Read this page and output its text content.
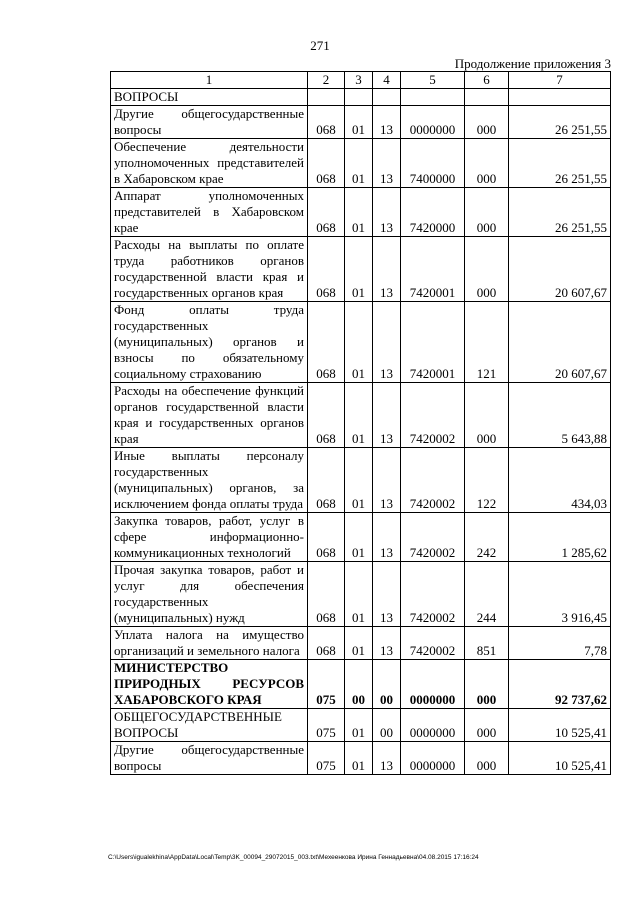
271
Продолжение приложения 3
1	2	3	4	5	6	7
ВОПРОСЫ						
Другие общегосударственные вопросы	068	01	13	0000000	000	26 251,55
Обеспечение деятельности уполномоченных представителей в Хабаровском крае	068	01	13	7400000	000	26 251,55
Аппарат уполномоченных представителей в Хабаровском крае	068	01	13	7420000	000	26 251,55
Расходы на выплаты по оплате труда работников органов государственной власти края и государственных органов края	068	01	13	7420001	000	20 607,67
Фонд оплаты труда государственных (муниципальных) органов и взносы по обязательному социальному страхованию	068	01	13	7420001	121	20 607,67
Расходы на обеспечение функций органов государственной власти края и государственных органов края	068	01	13	7420002	000	5 643,88
Иные выплаты персоналу государственных (муниципальных) органов, за исключением фонда оплаты труда	068	01	13	7420002	122	434,03
Закупка товаров, работ, услуг в сфере информационно-коммуникационных технологий	068	01	13	7420002	242	1 285,62
Прочая закупка товаров, работ и услуг для обеспечения государственных (муниципальных) нужд	068	01	13	7420002	244	3 916,45
Уплата налога на имущество организаций и земельного налога	068	01	13	7420002	851	7,78
МИНИСТЕРСТВО ПРИРОДНЫХ РЕСУРСОВ ХАБАРОВСКОГО КРАЯ	075	00	00	0000000	000	92 737,62
ОБЩЕГОСУДАРСТВЕННЫЕ ВОПРОСЫ	075	01	00	0000000	000	10 525,41
Другие общегосударственные вопросы	075	01	13	0000000	000	10 525,41
C:\Users\igualekhina\AppData\Local\Temp\3K_00094_29072015_003.txt\Мехеенкова Ирина Геннадьевна\04.08.2015 17:16:24
